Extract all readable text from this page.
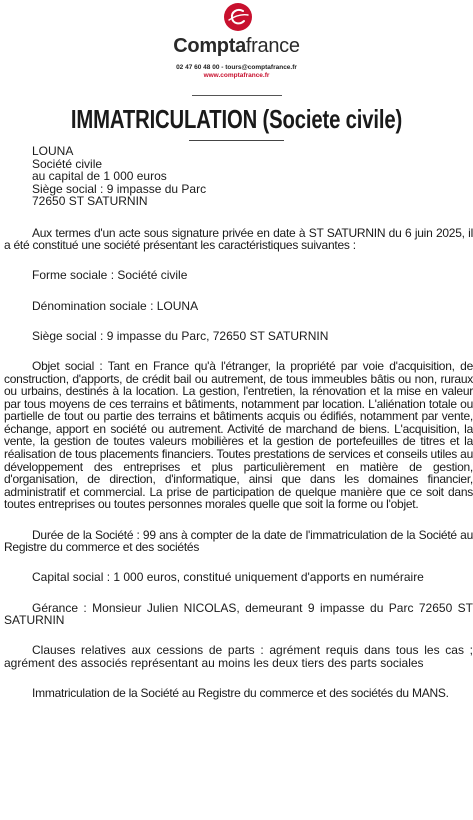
Comptafrance
02 47 60 48 00 - tours@comptafrance.fr
www.comptafrance.fr
IMMATRICULATION (Societe civile)
LOUNA
Société civile
au capital de 1 000 euros
Siège social : 9 impasse du Parc
72650 ST SATURNIN

Aux termes d'un acte sous signature privée en date à ST SATURNIN du 6 juin 2025, il a été constitué une société présentant les caractéristiques suivantes :

Forme sociale : Société civile

Dénomination sociale : LOUNA

Siège social : 9 impasse du Parc, 72650 ST SATURNIN

Objet social : Tant en France qu'à l'étranger, la propriété par voie d'acquisition, de construction, d'apports, de crédit bail ou autrement, de tous immeubles bâtis ou non, ruraux ou urbains, destinés à la location. La gestion, l'entretien, la rénovation et la mise en valeur par tous moyens de ces terrains et bâtiments, notamment par location. L'aliénation totale ou partielle de tout ou partie des terrains et bâtiments acquis ou édifiés, notamment par vente, échange, apport en société ou autrement. Activité de marchand de biens. L'acquisition, la vente, la gestion de toutes valeurs mobilières et la gestion de portefeuilles de titres et la réalisation de tous placements financiers. Toutes prestations de services et conseils utiles au développement des entreprises et plus particulièrement en matière de gestion, d'organisation, de direction, d'informatique, ainsi que dans les domaines financier, administratif et commercial. La prise de participation de quelque manière que ce soit dans toutes entreprises ou toutes personnes morales quelle que soit la forme ou l'objet.

Durée de la Société : 99 ans à compter de la date de l'immatriculation de la Société au Registre du commerce et des sociétés

Capital social : 1 000 euros, constitué uniquement d'apports en numéraire

Gérance : Monsieur Julien NICOLAS, demeurant 9 impasse du Parc 72650 ST SATURNIN

Clauses relatives aux cessions de parts : agrément requis dans tous les cas ; agrément des associés représentant au moins les deux tiers des parts sociales

Immatriculation de la Société au Registre du commerce et des sociétés du MANS.
